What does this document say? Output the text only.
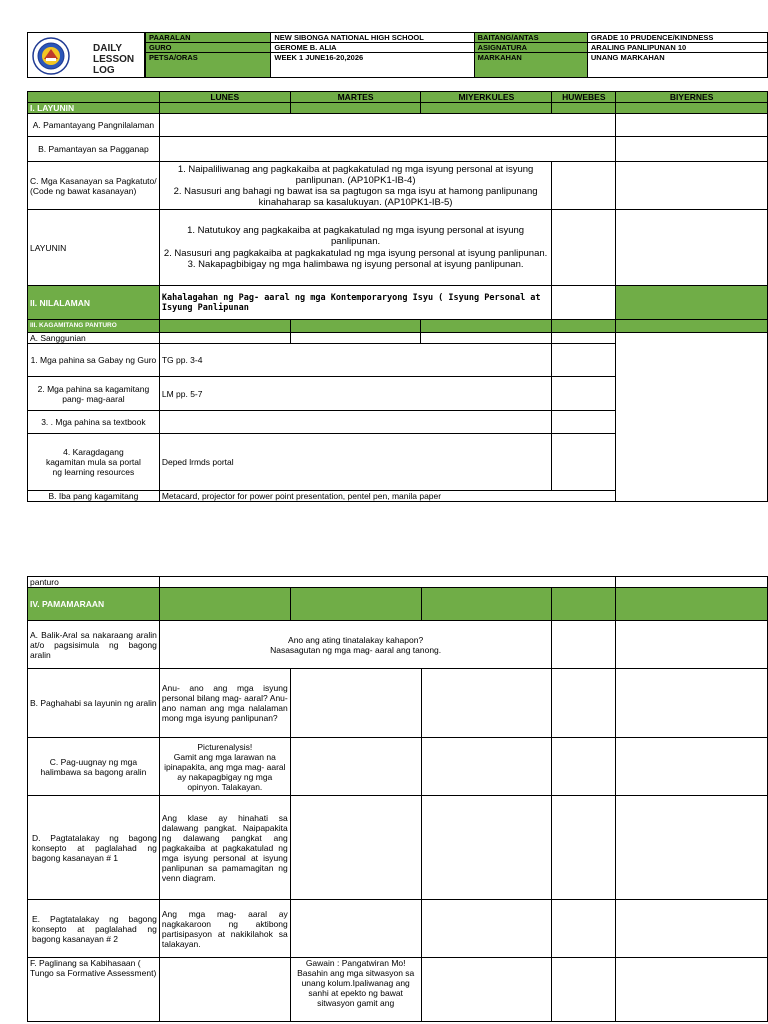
DAILY
LESSON
LOG
PAARALAN	NEW SIBONGA NATIONAL HIGH SCHOOL	BAITANG/ANTAS	GRADE 10 PRUDENCE/KINDNESS
GURO	GEROME B. ALIA	ASIGNATURA	ARALING PANLIPUNAN 10
PETSA/ORAS	WEEK 1 JUNE16-20,2026	MARKAHAN	UNANG MARKAHAN
	LUNES	MARTES	MIYERKULES	HUWEBES	BIYERNES
I. LAYUNIN					
A. Pamantayang Pangnilalaman					
B. Pamantayan sa Pagganap					
C. Mga Kasanayan sa Pagkatuto/ (Code ng bawat kasanayan)	1. Naipaliliwanag ang pagkakaiba at pagkakatulad ng mga isyung personal at isyung panlipunan. (AP10PK1-IB-4)
2. Nasusuri ang bahagi ng bawat isa sa pagtugon sa mga isyu at hamong panlipunang kinahaharap sa kasalukuyan. (AP10PK1-IB-5)				

LAYUNIN	1. Natutukoy ang pagkakaiba at pagkakatulad ng mga isyung personal at isyung panlipunan.
2. Nasusuri ang pagkakaiba at pagkakatulad ng mga isyung personal at isyung panlipunan.
3. Nakapagbibigay ng mga halimbawa ng isyung personal at isyung panlipunan.				

II. NILALAMAN	Kahalagahan ng Pag- aaral ng mga Kontemporaryong Isyu ( Isyung Personal at Isyung Panlipunan				
III. KAGAMITANG PANTURO					
A. Sanggunian					
1. Mga pahina sa Gabay ng Guro	TG pp. 3-4				
2. Mga pahina sa kagamitang pang- mag-aaral	LM pp. 5-7				
3. . Mga pahina sa textbook					
4. Karagdagang kagamitan mula sa portal ng learning resources	Deped lrmds portal				
B. Iba pang kagamitang	Metacard, projector for power point presentation, pentel pen, manila paper				
panturo					
IV. PAMAMARAAN					
A. Balik-Aral sa nakaraang aralin at/o pagsisimula ng bagong aralin	Ano ang ating tinatalakay kahapon?
Nasasagutan ng mga mag- aaral ang tanong.				

B. Paghahabi sa layunin ng aralin	Anu- ano ang mga isyung personal bilang mag- aaral? Anu- ano naman ang mga nalalaman mong mga isyung panlipunan?				
C. Pag-uugnay ng mga halimbawa sa bagong aralin	Picturenalysis!
Gamit ang mga larawan na ipinapakita, ang mga mag- aaral ay nakapagbigay ng mga opinyon. Talakayan.				

D. Pagtatalakay ng bagong konsepto at paglalahad ng bagong kasanayan # 1	Ang klase ay hinahati sa dalawang pangkat. Naipapakita ng dalawang pangkat ang pagkakaiba at pagkakatulad ng mga isyung personal at isyung panlipunan sa pamamagitan ng venn diagram.				
E. Pagtatalakay ng bagong konsepto at paglalahad ng bagong kasanayan # 2	Ang mga mag- aaral ay nagkakaroon ng aktibong partisipasyon at nakikilahok sa talakayan.				
F. Paglinang sa Kabihasaan ( Tungo sa Formative Assessment)		Gawain : Pangatwiran Mo! Basahin ang mga sitwasyon sa unang kolum.Ipaliwanag ang sanhi at epekto ng bawat sitwasyon gamit ang			
